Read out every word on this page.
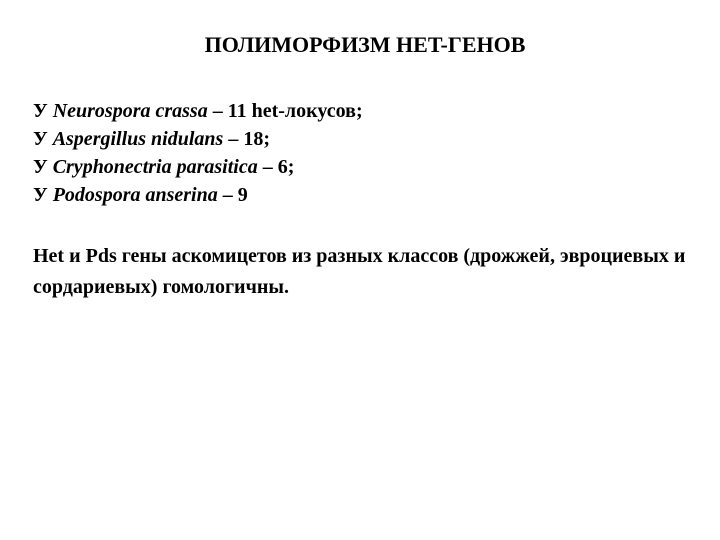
ПОЛИМОРФИЗМ HET-ГЕНОВ
У Neurospora crassa – 11 het-локусов;
У Aspergillus nidulans – 18;
У Cryphonectria parasitica – 6;
У Podospora anserina – 9

Het и Pds гены аскомицетов из разных классов (дрожжей, эвроциевых и сордариевых) гомологичны.
